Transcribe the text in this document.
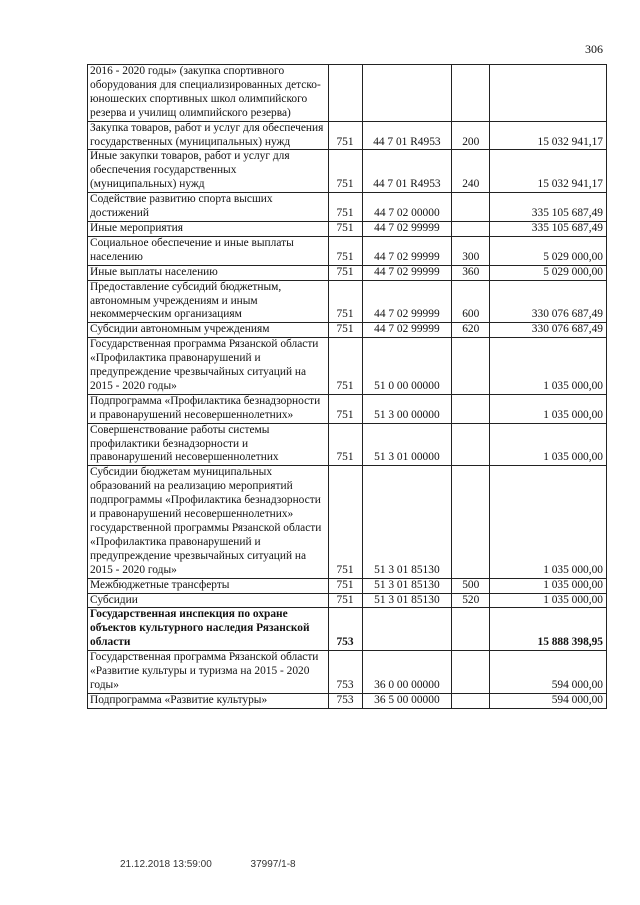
306
2016 - 2020 годы» (закупка спортивного оборудования для специализированных детско-юношеских спортивных школ олимпийского резерва и училищ олимпийского резерва)				
Закупка товаров, работ и услуг для обеспечения государственных (муниципальных) нужд	751	44 7 01 R4953	200	15 032 941,17
Иные закупки товаров, работ и услуг для обеспечения государственных (муниципальных) нужд	751	44 7 01 R4953	240	15 032 941,17
Содействие развитию спорта высших достижений	751	44 7 02 00000		335 105 687,49
Иные мероприятия	751	44 7 02 99999		335 105 687,49
Социальное обеспечение и иные выплаты населению	751	44 7 02 99999	300	5 029 000,00
Иные выплаты населению	751	44 7 02 99999	360	5 029 000,00
Предоставление субсидий бюджетным, автономным учреждениям и иным некоммерческим организациям	751	44 7 02 99999	600	330 076 687,49
Субсидии автономным учреждениям	751	44 7 02 99999	620	330 076 687,49
Государственная программа Рязанской области «Профилактика правонарушений и предупреждение чрезвычайных ситуаций на 2015 - 2020 годы»	751	51 0 00 00000		1 035 000,00
Подпрограмма «Профилактика безнадзорности и правонарушений несовершеннолетних»	751	51 3 00 00000		1 035 000,00
Совершенствование работы системы профилактики безнадзорности и правонарушений несовершеннолетних	751	51 3 01 00000		1 035 000,00
Субсидии бюджетам муниципальных образований на реализацию мероприятий подпрограммы «Профилактика безнадзорности и правонарушений несовершеннолетних» государственной программы Рязанской области «Профилактика правонарушений и предупреждение чрезвычайных ситуаций на 2015 - 2020 годы»	751	51 3 01 85130		1 035 000,00
Межбюджетные трансферты	751	51 3 01 85130	500	1 035 000,00
Субсидии	751	51 3 01 85130	520	1 035 000,00
Государственная инспекция по охране объектов культурного наследия Рязанской области	753			15 888 398,95
Государственная программа Рязанской области «Развитие культуры и туризма на 2015 - 2020 годы»	753	36 0 00 00000		594 000,00
Подпрограмма «Развитие культуры»	753	36 5 00 00000		594 000,00
21.12.2018 13:59:00	37997/1-8
